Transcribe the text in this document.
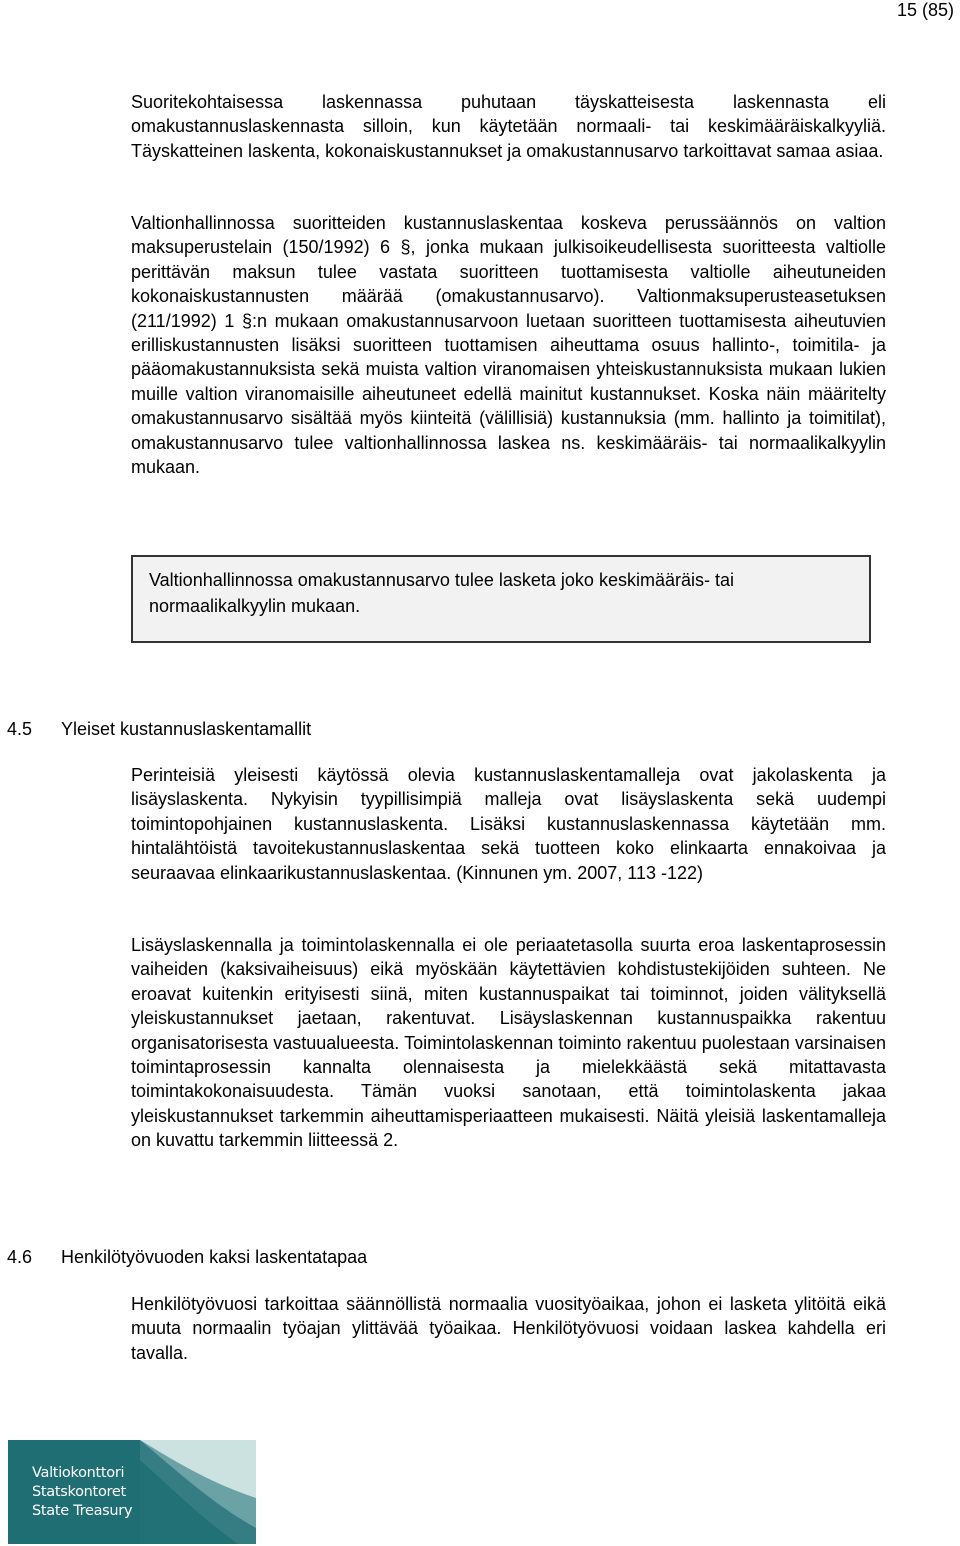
15 (85)

Suoritekohtaisessa laskennassa puhutaan täyskatteisesta laskennasta eli omakustannuslaskennasta silloin, kun käytetään normaali- tai keskimääräiskalkyyliä. Täyskatteinen laskenta, kokonaiskustannukset ja omakustannusarvo tarkoittavat samaa asiaa.

Valtionhallinnossa suoritteiden kustannuslaskentaa koskeva perussäännös on valtion maksuperustelain (150/1992) 6 §, jonka mukaan julkisoikeudellisesta suoritteesta valtiolle perittävän maksun tulee vastata suoritteen tuottamisesta valtiolle aiheutuneiden kokonaiskustannusten määrää (omakustannusarvo). Valtionmaksuperusteasetuksen (211/1992) 1 §:n mukaan omakustannusarvoon luetaan suoritteen tuottamisesta aiheutuvien erilliskustannusten lisäksi suoritteen tuottamisen aiheuttama osuus hallinto-, toimitila- ja pääomakustannuksista sekä muista valtion viranomaisen yhteiskustannuksista mukaan lukien muille valtion viranomaisille aiheutuneet edellä mainitut kustannukset. Koska näin määritelty omakustannusarvo sisältää myös kiinteitä (välillisiä) kustannuksia (mm. hallinto ja toimitilat), omakustannusarvo tulee valtionhallinnossa laskea ns. keskimääräis- tai normaalikalkyylin mukaan.

Valtionhallinnossa omakustannusarvo tulee lasketa joko keskimääräis- tai normaalikalkyylin mukaan.
4.5 Yleiset kustannuslaskentamallit

Perinteisiä yleisesti käytössä olevia kustannuslaskentamalleja ovat jakolaskenta ja lisäyslaskenta. Nykyisin tyypillisimpiä malleja ovat lisäyslaskenta sekä uudempi toimintopohjainen kustannuslaskenta. Lisäksi kustannuslaskennassa käytetään mm. hintalähtöistä tavoitekustannuslaskentaa sekä tuotteen koko elinkaarta ennakoivaa ja seuraavaa elinkaarikustannuslaskentaa. (Kinnunen ym. 2007, 113 -122)

Lisäyslaskennalla ja toimintolaskennalla ei ole periaatetasolla suurta eroa laskentaprosessin vaiheiden (kaksivaiheisuus) eikä myöskään käytettävien kohdistustekijöiden suhteen. Ne eroavat kuitenkin erityisesti siinä, miten kustannuspaikat tai toiminnot, joiden välityksellä yleiskustannukset jaetaan, rakentuvat. Lisäyslaskennan kustannuspaikka rakentuu organisatorisesta vastuualueesta. Toimintolaskennan toiminto rakentuu puolestaan varsinaisen toimintaprosessin kannalta olennaisesta ja mielekkäästä sekä mitattavasta toimintakokonaisuudesta. Tämän vuoksi sanotaan, että toimintolaskenta jakaa yleiskustannukset tarkemmin aiheuttamisperiaatteen mukaisesti. Näitä yleisiä laskentamalleja on kuvattu tarkemmin liitteessä 2.

4.6 Henkilötyövuoden kaksi laskentatapaa

Henkilötyövuosi tarkoittaa säännöllistä normaalia vuosityöaikaa, johon ei lasketa ylitöitä eikä muuta normaalin työajan ylittävää työaikaa. Henkilötyövuosi voidaan laskea kahdella eri tavalla.

Valtiokonttori
Statskontoret
State Treasury
